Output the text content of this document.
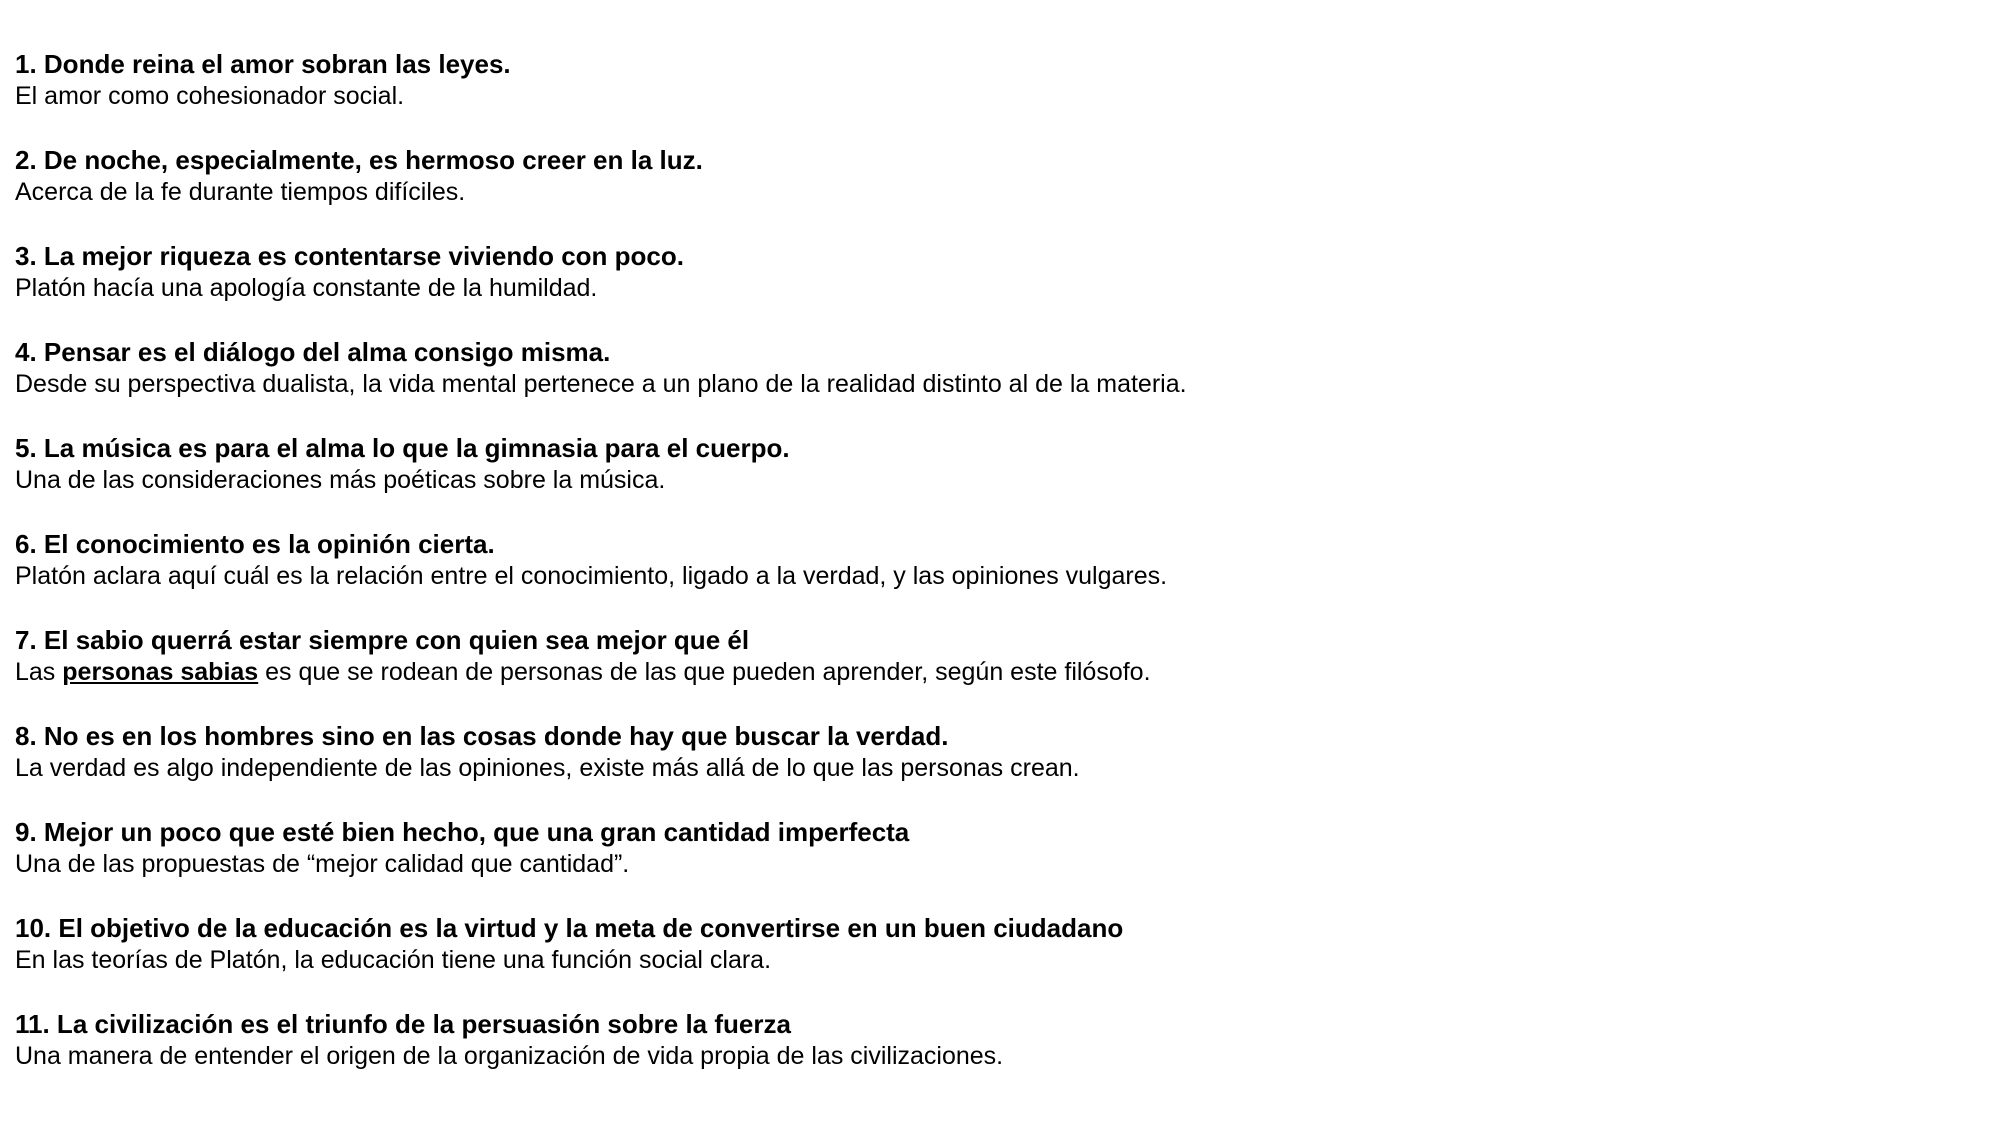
1. Donde reina el amor sobran las leyes.
El amor como cohesionador social.
2. De noche, especialmente, es hermoso creer en la luz.
Acerca de la fe durante tiempos difíciles.
3. La mejor riqueza es contentarse viviendo con poco.
Platón hacía una apología constante de la humildad.
4. Pensar es el diálogo del alma consigo misma.
Desde su perspectiva dualista, la vida mental pertenece a un plano de la realidad distinto al de la materia.
5. La música es para el alma lo que la gimnasia para el cuerpo.
Una de las consideraciones más poéticas sobre la música.
6. El conocimiento es la opinión cierta.
Platón aclara aquí cuál es la relación entre el conocimiento, ligado a la verdad, y las opiniones vulgares.
7. El sabio querrá estar siempre con quien sea mejor que él
Las personas sabias es que se rodean de personas de las que pueden aprender, según este filósofo.
8. No es en los hombres sino en las cosas donde hay que buscar la verdad.
La verdad es algo independiente de las opiniones, existe más allá de lo que las personas crean.
9. Mejor un poco que esté bien hecho, que una gran cantidad imperfecta
Una de las propuestas de “mejor calidad que cantidad”.
10. El objetivo de la educación es la virtud y la meta de convertirse en un buen ciudadano
En las teorías de Platón, la educación tiene una función social clara.
11. La civilización es el triunfo de la persuasión sobre la fuerza
Una manera de entender el origen de la organización de vida propia de las civilizaciones.
